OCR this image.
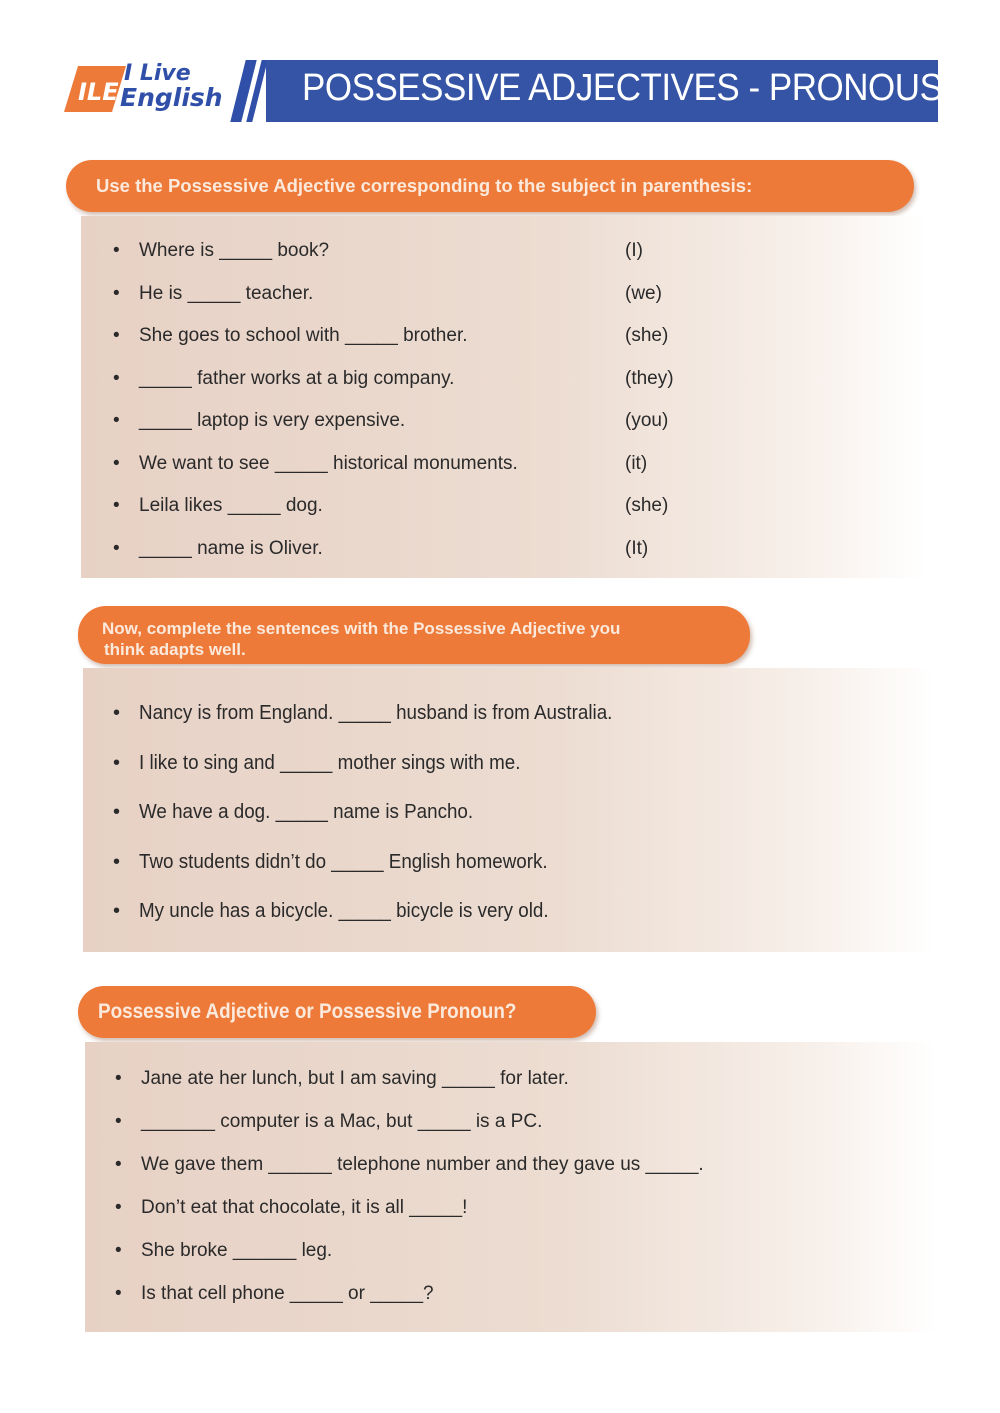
ILE
I Live
English POSSESSIVE ADJECTIVES - PRONOUS
Use the Possessive Adjective corresponding to the subject in parenthesis:
• Where is _____ book?	(I)
• He is _____ teacher.	(we)
• She goes to school with _____ brother.	(she)
• _____ father works at a big company.	(they)
• _____ laptop is very expensive.	(you)
• We want to see _____ historical monuments.	(it)
• Leila likes _____ dog.	(she)
• _____ name is Oliver.	(It)
Now, complete the sentences with the Possessive Adjective you
think adapts well.
• Nancy is from England. _____ husband is from Australia.
• I like to sing and _____ mother sings with me.
• We have a dog. _____ name is Pancho.
• Two students didn’t do _____ English homework.
• My uncle has a bicycle. _____ bicycle is very old.
Possessive Adjective or Possessive Pronoun?
• Jane ate her lunch, but I am saving _____ for later.
• _______ computer is a Mac, but _____ is a PC.
• We gave them ______ telephone number and they gave us _____.
• Don’t eat that chocolate, it is all _____!
• She broke ______ leg.
• Is that cell phone _____ or _____?
